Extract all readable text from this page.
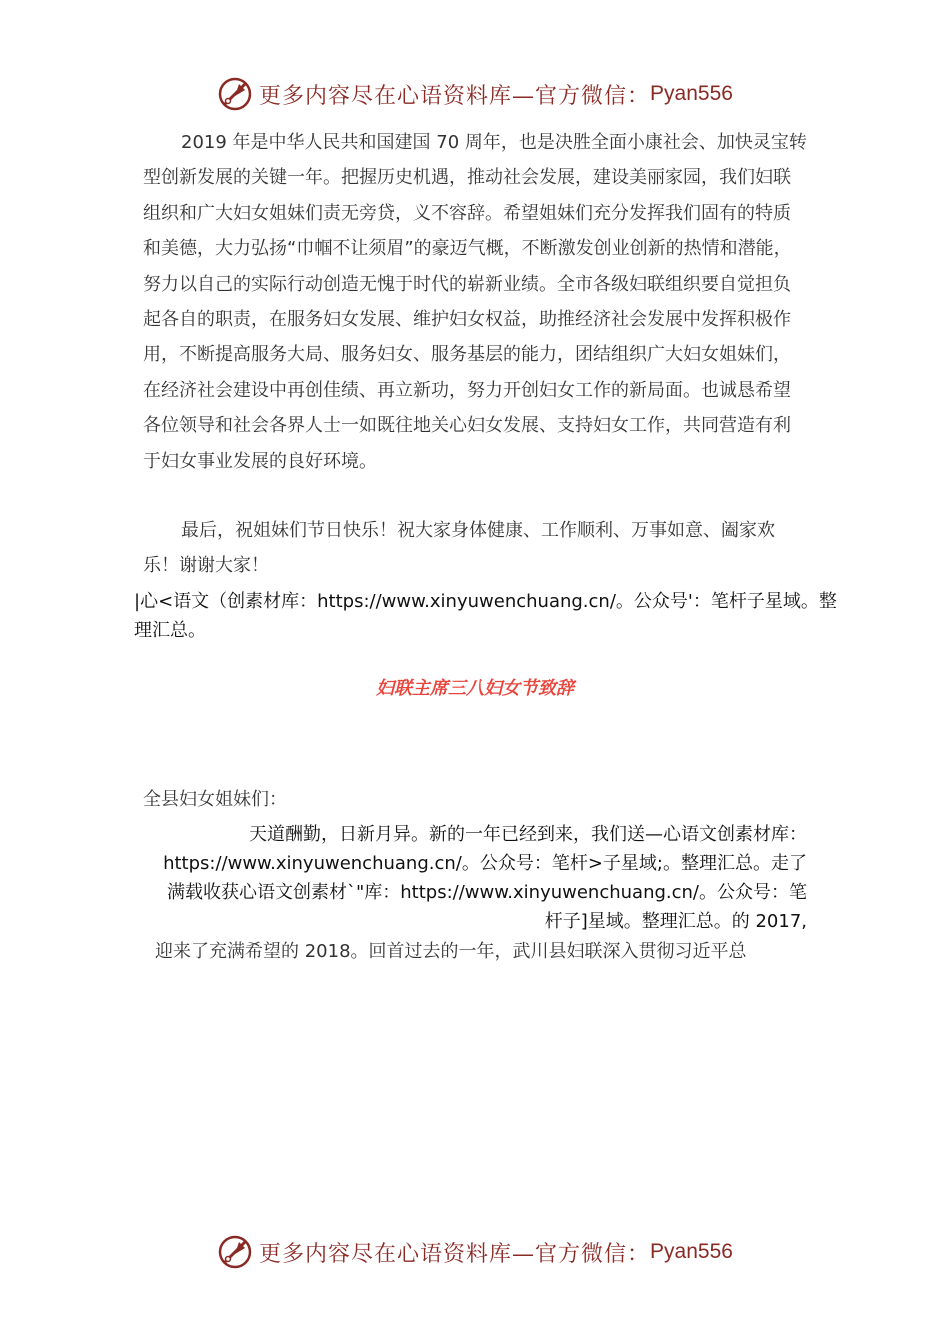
更多内容尽在心语资料库—官方微信： Pyan556

2019 年是中华人民共和国建国 70 周年，也是决胜全面小康社会、加快灵宝转型创新发展的关键一年。把握历史机遇，推动社会发展，建设美丽家园，我们妇联组织和广大妇女姐妹们责无旁贷，义不容辞。希望姐妹们充分发挥我们固有的特质和美德，大力弘扬“巾帼不让须眉”的豪迈气概，不断激发创业创新的热情和潜能，努力以自己的实际行动创造无愧于时代的崭新业绩。全市各级妇联组织要自觉担负起各自的职责，在服务妇女发展、维护妇女权益，助推经济社会发展中发挥积极作用，不断提高服务大局、服务妇女、服务基层的能力，团结组织广大妇女姐妹们，在经济社会建设中再创佳绩、再立新功，努力开创妇女工作的新局面。也诚恳希望各位领导和社会各界人士一如既往地关心妇女发展、支持妇女工作，共同营造有利于妇女事业发展的良好环境。

最后，祝姐妹们节日快乐！祝大家身体健康、工作顺利、万事如意、阖家欢乐！谢谢大家！

|心<语文（创素材库：https://www.xinyuwenchuang.cn/。公众号'：笔杆子星域。整理汇总。

妇联主席三八妇女节致辞

全县妇女姐妹们：

天道酬勤，日新月异。新的一年已经到来，我们送—心语文创素材库：
https://www.xinyuwenchuang.cn/。公众号：笔杆>子星域;。整理汇总。走了
满载收获心语文创素材`"库：https://www.xinyuwenchuang.cn/。公众号：笔
杆子]星域。整理汇总。的 2017,

迎来了充满希望的 2018。回首过去的一年，武川县妇联深入贯彻习近平总

更多内容尽在心语资料库—官方微信： Pyan556
